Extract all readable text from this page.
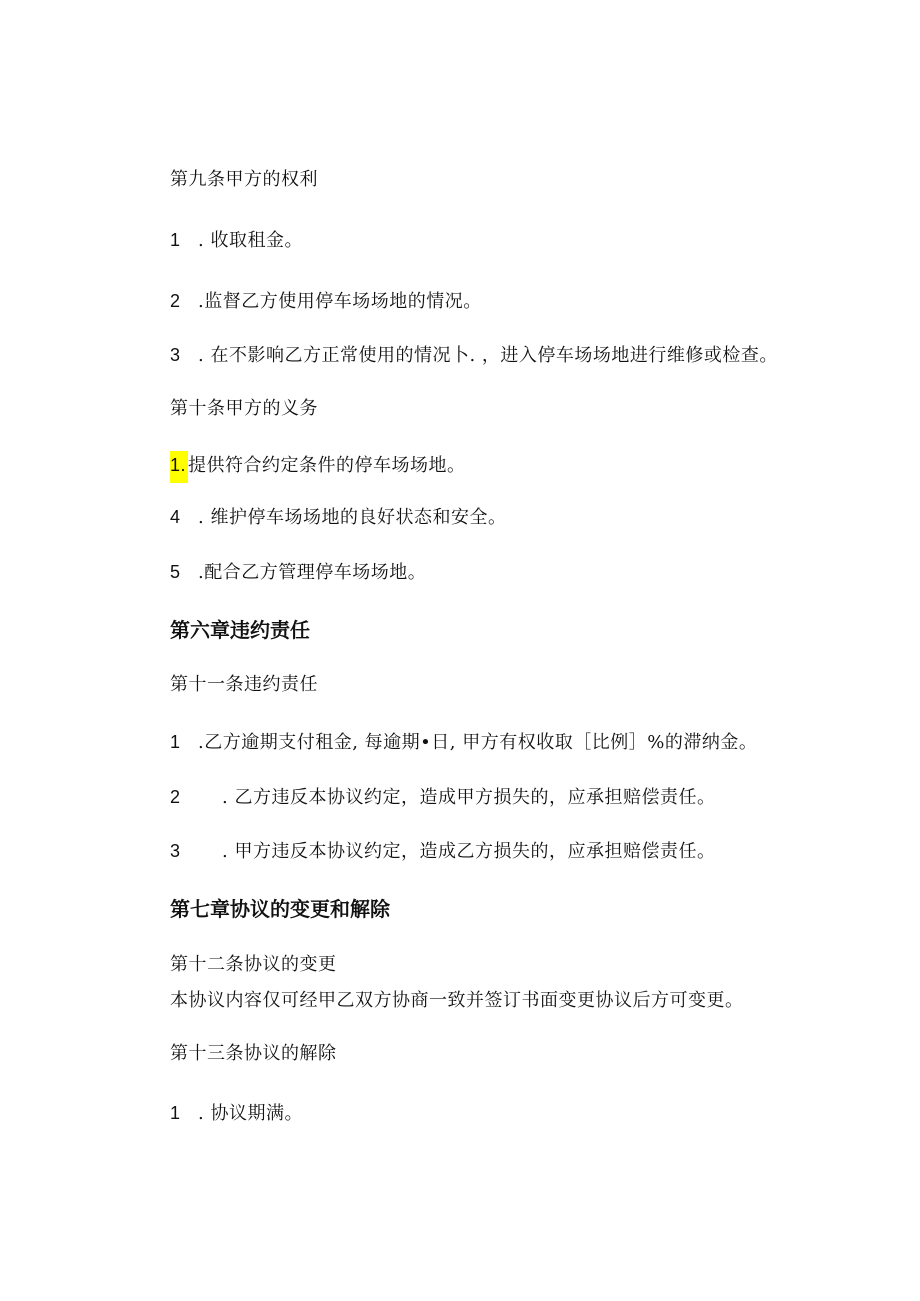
第九条甲方的权利
1 . 收取租金。
2 .监督乙方使用停车场场地的情况。
3 . 在不影响乙方正常使用的情况卜. ，进入停车场场地进行维修或检查。
第十条甲方的义务
1. 提供符合约定条件的停车场场地。
4 . 维护停车场场地的良好状态和安全。
5 .配合乙方管理停车场场地。
第六章违约责任
第十一条违约责任
1 .乙方逾期支付租金, 每逾期•日, 甲方有权收取［比例］%的滞纳金。
2 . 乙方违反本协议约定，造成甲方损失的，应承担赔偿责任。
3 . 甲方违反本协议约定，造成乙方损失的，应承担赔偿责任。
第七章协议的变更和解除
第十二条协议的变更
本协议内容仅可经甲乙双方协商一致并签订书面变更协议后方可变更。
第十三条协议的解除
1 . 协议期满。
